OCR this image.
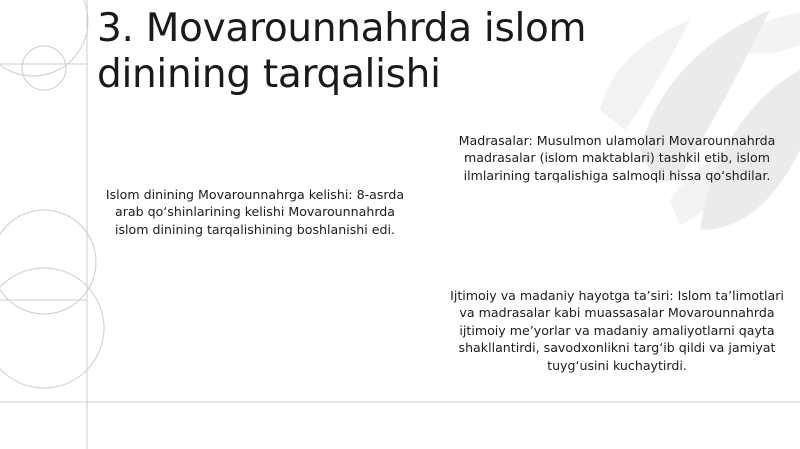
3. Movarounnahrda islom dinining tarqalishi

Islom dinining Movarounnahrga kelishi: 8-asrda arab qo‘shinlarining kelishi Movarounnahrda islom dinining tarqalishining boshlanishi edi.

Madrasalar: Musulmon ulamolari Movarounnahrda madrasalar (islom maktablari) tashkil etib, islom ilmlarining tarqalishiga salmoqli hissa qo‘shdilar.

Ijtimoiy va madaniy hayotga ta’siri: Islom ta’limotlari va madrasalar kabi muassasalar Movarounnahrda ijtimoiy me’yorlar va madaniy amaliyotlarni qayta shakllantirdi, savodxonlikni targ‘ib qildi va jamiyat tuyg‘usini kuchaytirdi.
